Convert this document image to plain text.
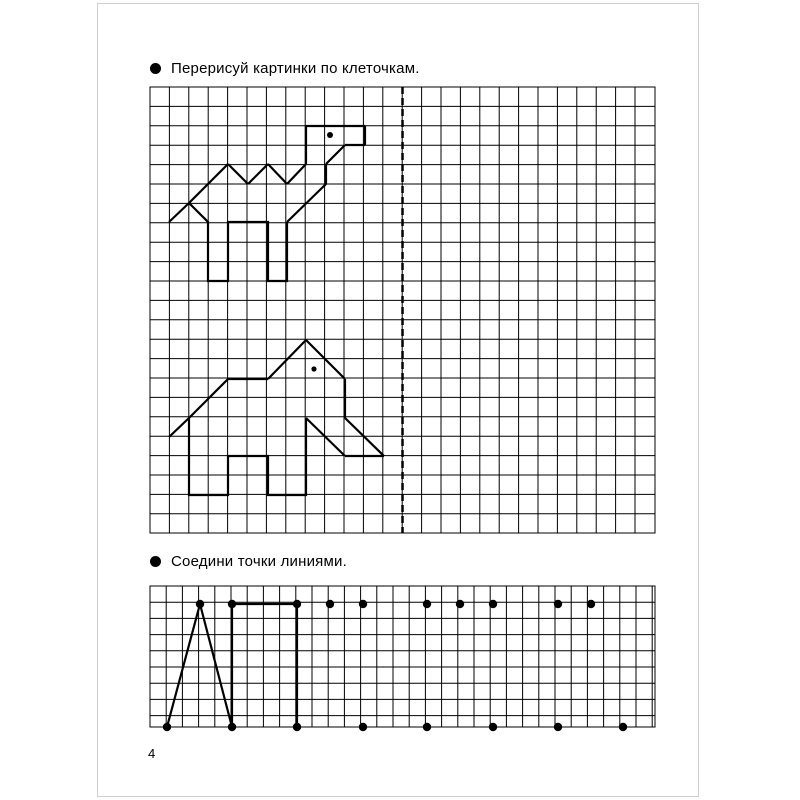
Перерисуй картинки по клеточкам.
Соедини точки линиями.
4
